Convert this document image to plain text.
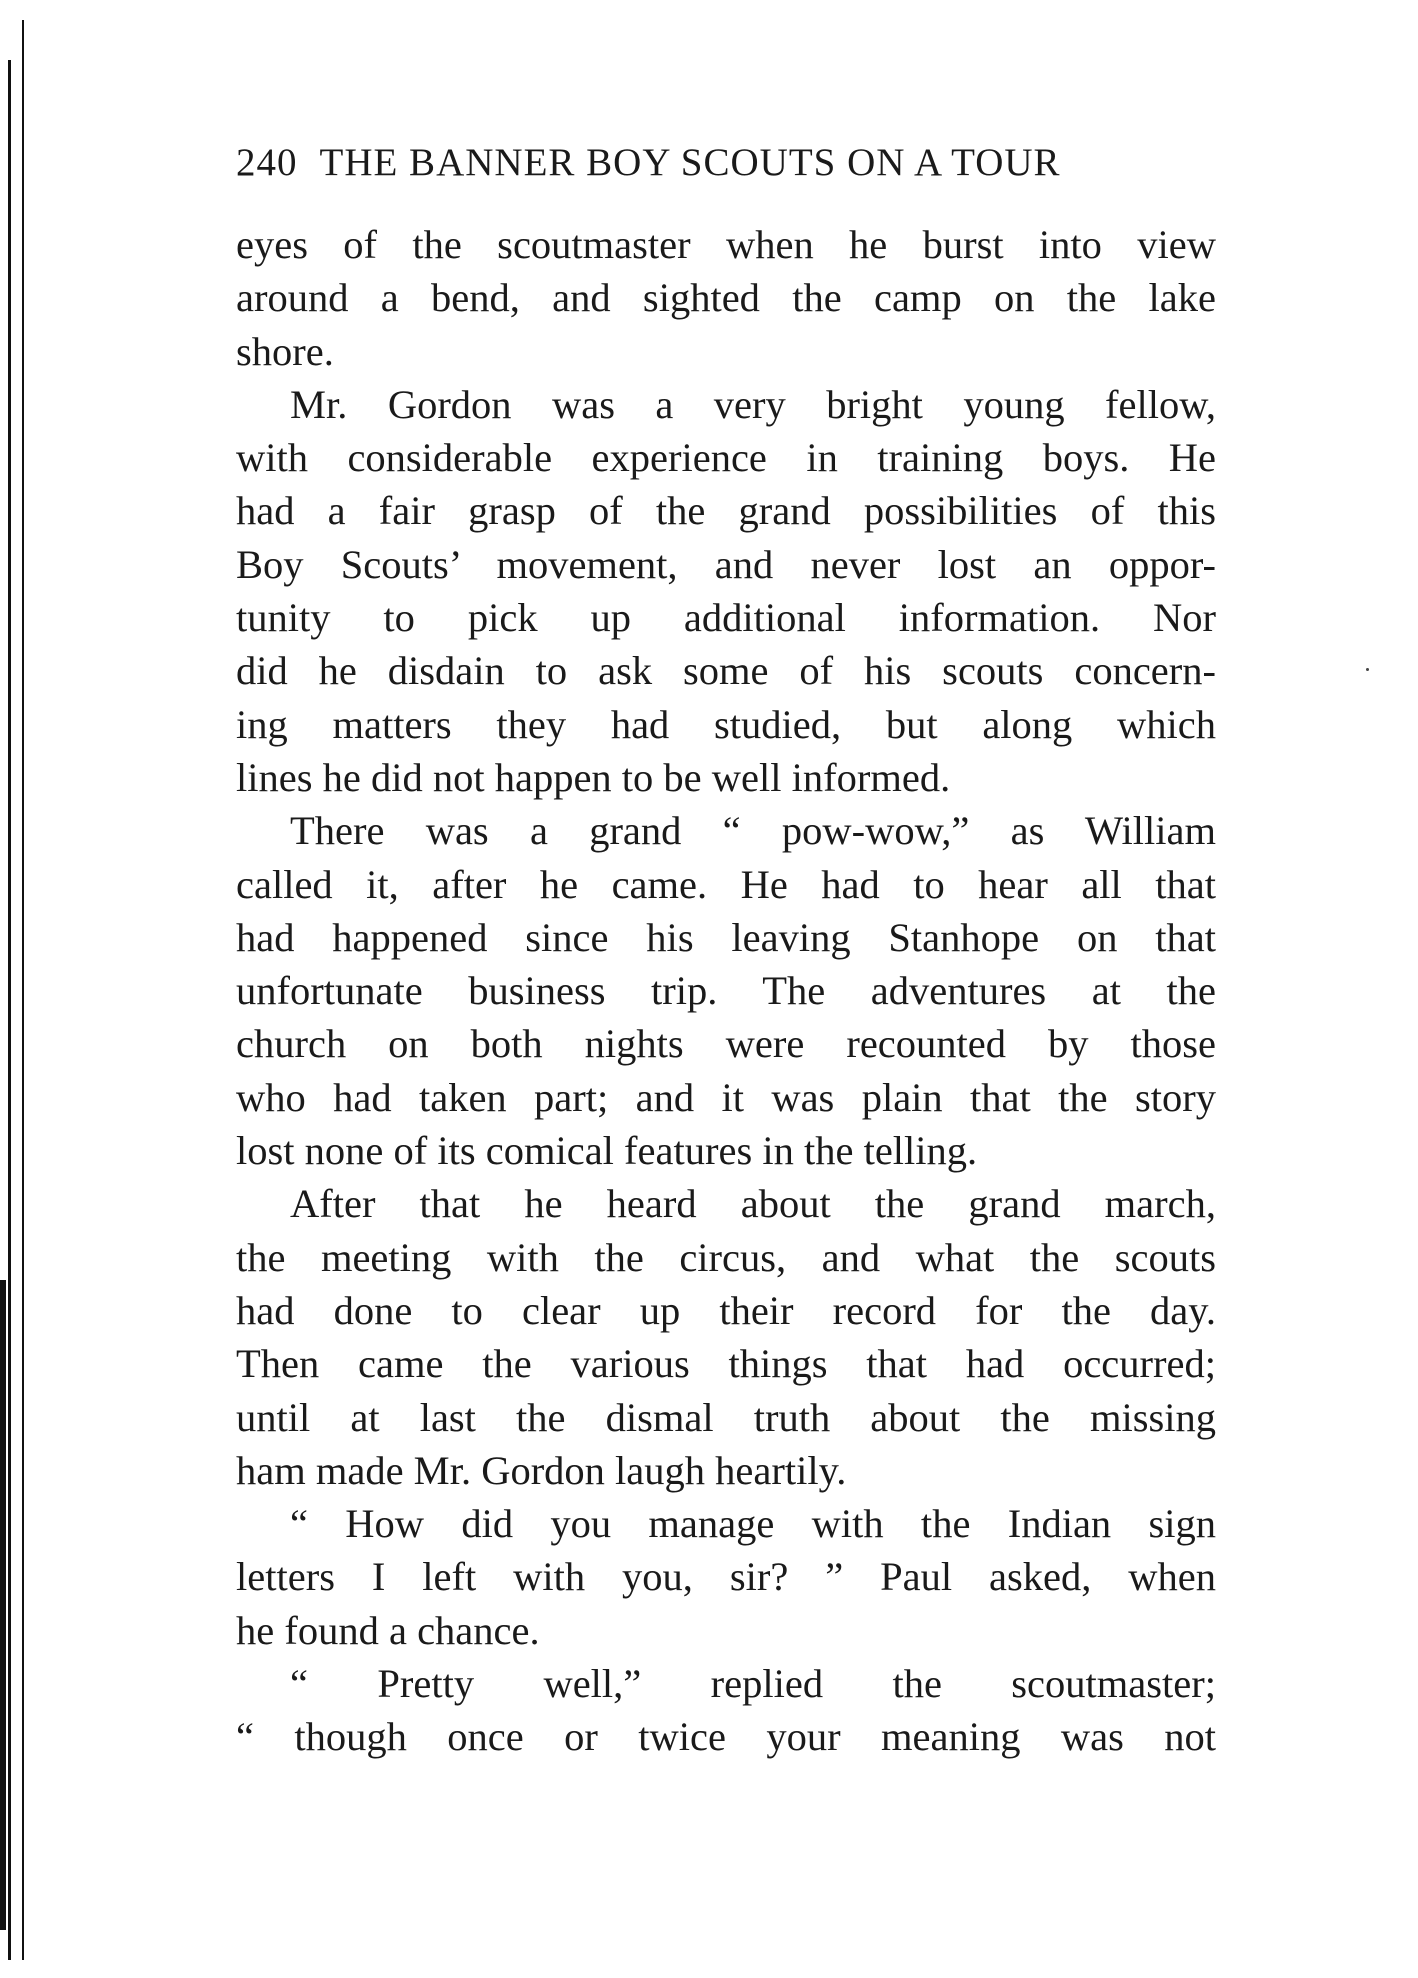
240 THE BANNER BOY SCOUTS ON A TOUR
eyes of the scoutmaster when he burst into view
around a bend, and sighted the camp on the lake
shore.
Mr. Gordon was a very bright young fellow,
with considerable experience in training boys. He
had a fair grasp of the grand possibilities of this
Boy Scouts’ movement, and never lost an oppor-
tunity to pick up additional information. Nor
did he disdain to ask some of his scouts concern-
ing matters they had studied, but along which
lines he did not happen to be well informed.
There was a grand “ pow-wow,” as William
called it, after he came. He had to hear all that
had happened since his leaving Stanhope on that
unfortunate business trip. The adventures at the
church on both nights were recounted by those
who had taken part; and it was plain that the story
lost none of its comical features in the telling.
After that he heard about the grand march,
the meeting with the circus, and what the scouts
had done to clear up their record for the day.
Then came the various things that had occurred;
until at last the dismal truth about the missing
ham made Mr. Gordon laugh heartily.
“ How did you manage with the Indian sign
letters I left with you, sir? ” Paul asked, when
he found a chance.
“ Pretty well,” replied the scoutmaster;
“ though once or twice your meaning was not
